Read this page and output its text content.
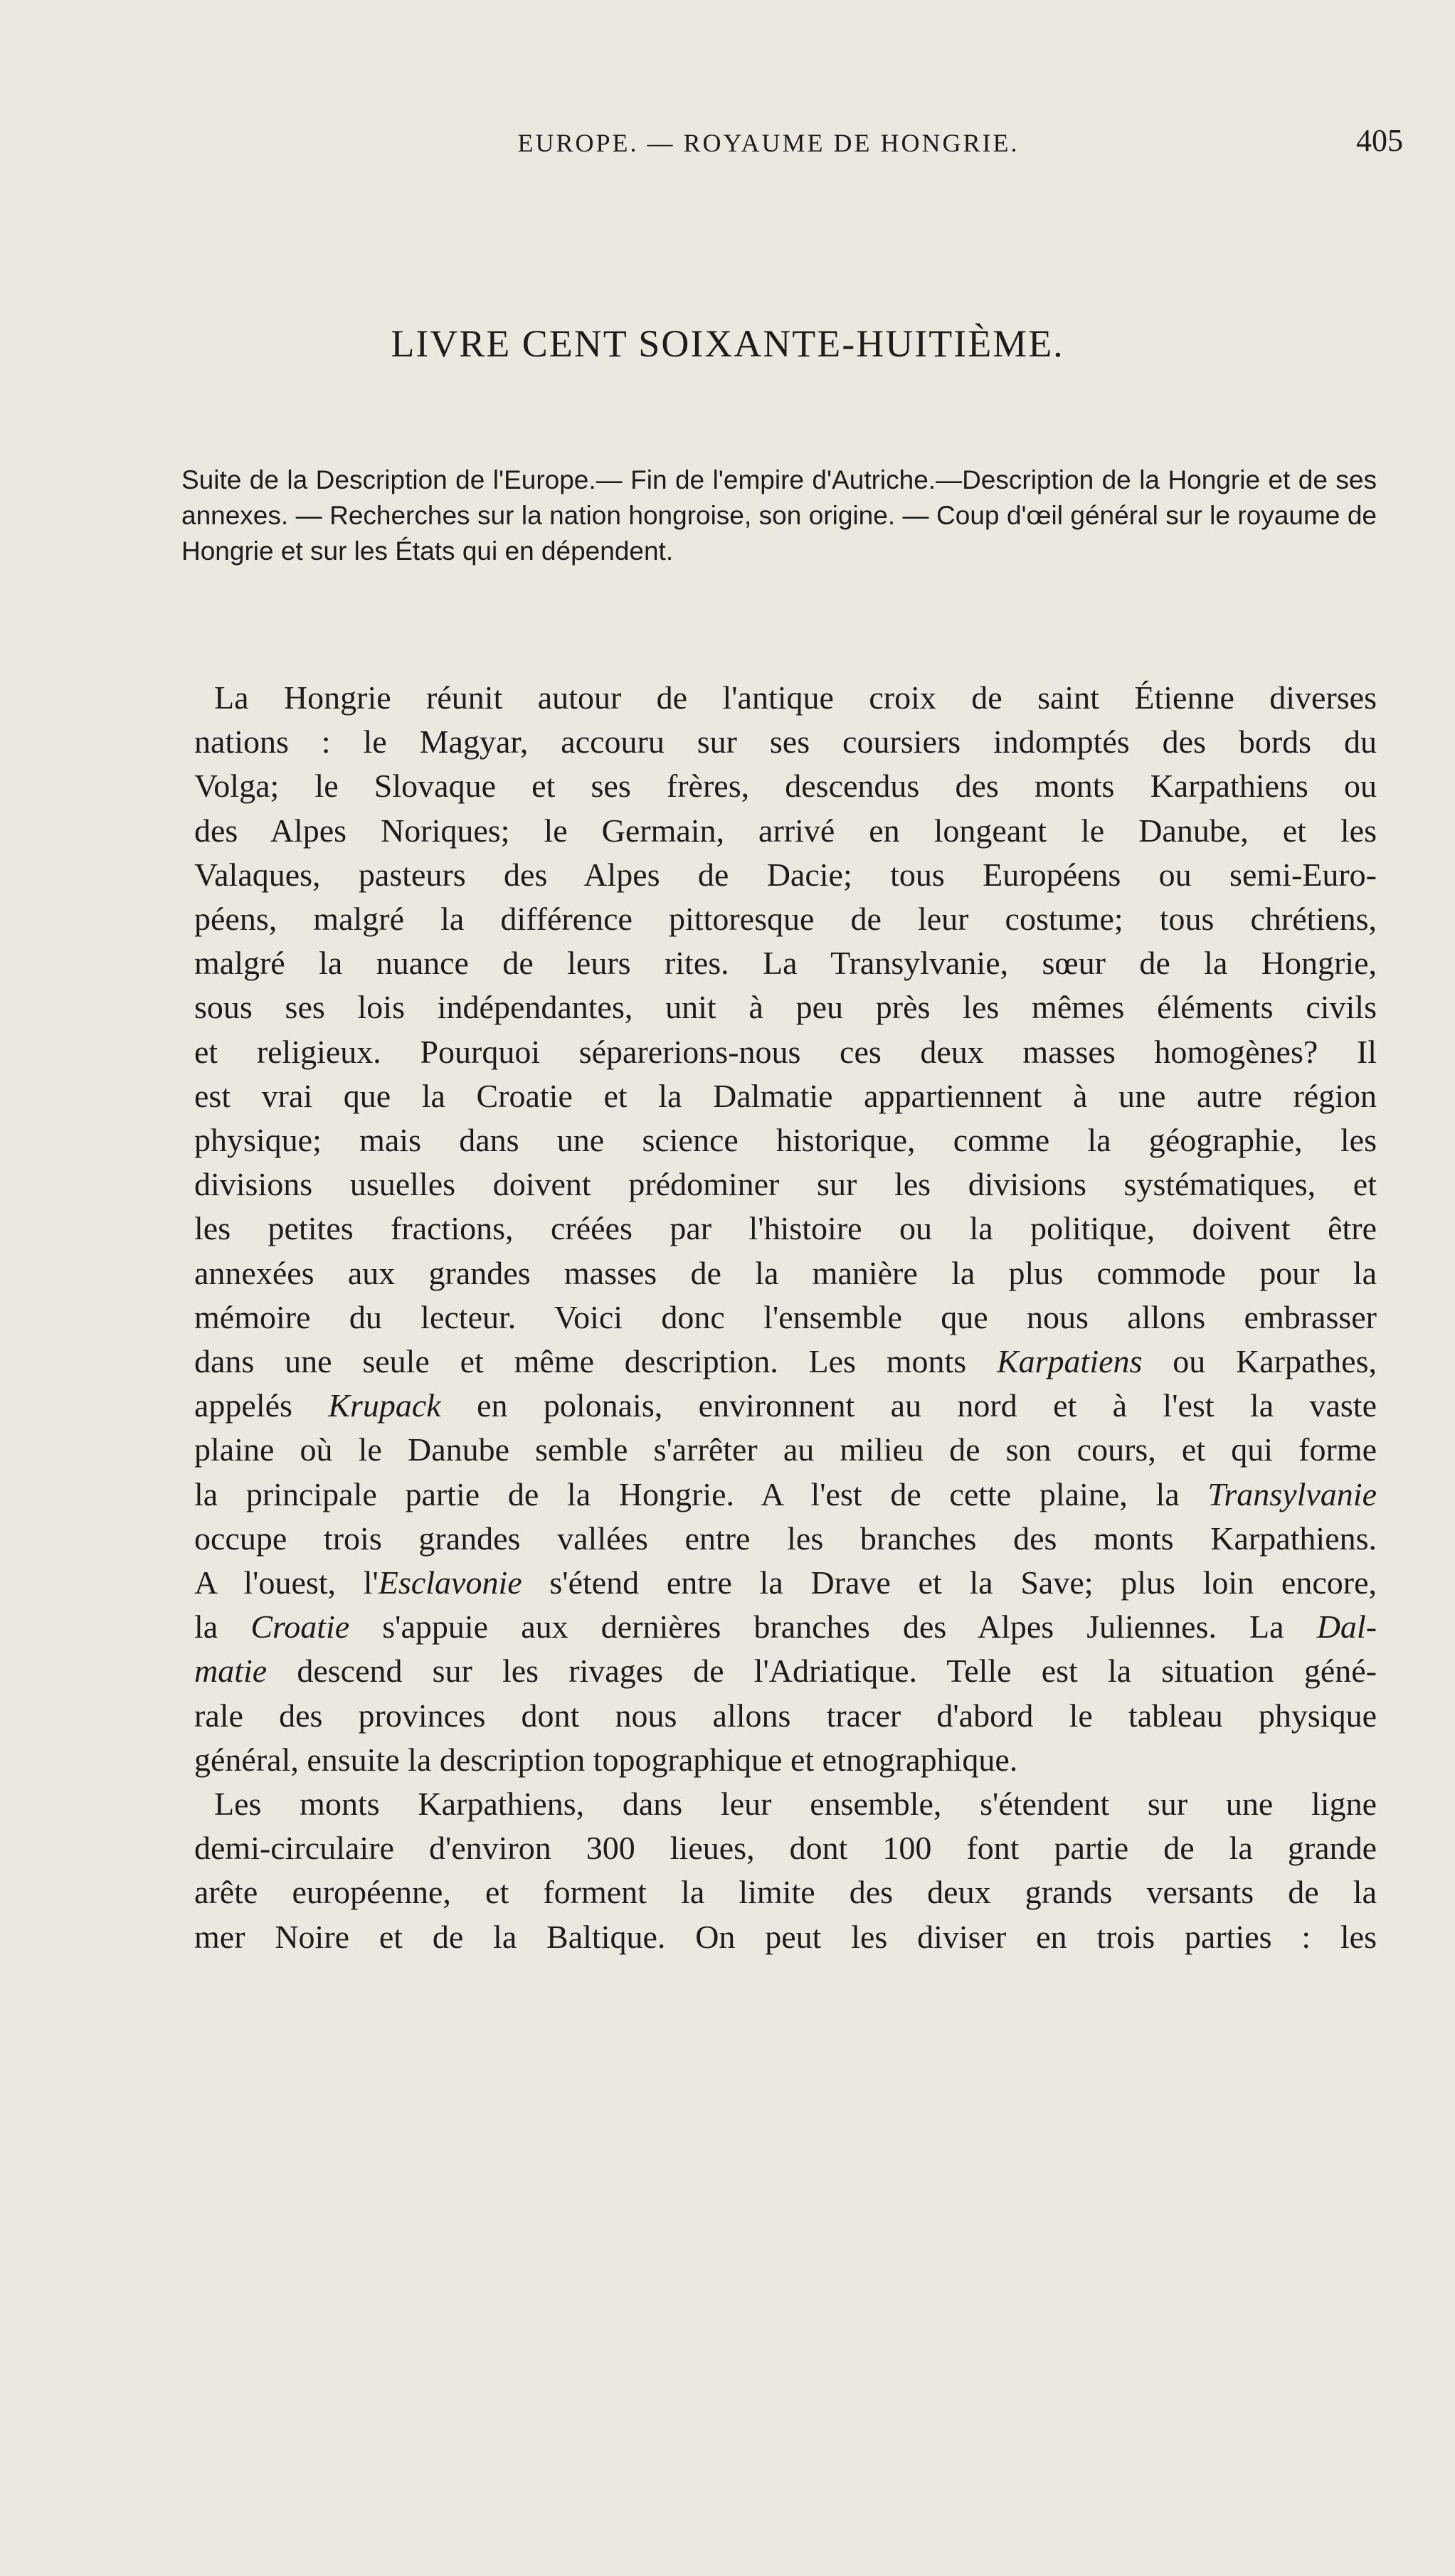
EUROPE. — ROYAUME DE HONGRIE.	405
LIVRE CENT SOIXANTE-HUITIÈME.
Suite de la Description de l'Europe.— Fin de l'empire d'Autriche.—Description de la Hongrie et de ses annexes. — Recherches sur la nation hongroise, son origine. — Coup d'œil général sur le royaume de Hongrie et sur les États qui en dépendent.

La Hongrie réunit autour de l'antique croix de saint Étienne diverses
nations : le Magyar, accouru sur ses coursiers indomptés des bords du
Volga; le Slovaque et ses frères, descendus des monts Karpathiens ou
des Alpes Noriques; le Germain, arrivé en longeant le Danube, et les
Valaques, pasteurs des Alpes de Dacie; tous Européens ou semi-Euro-
péens, malgré la différence pittoresque de leur costume; tous chrétiens,
malgré la nuance de leurs rites. La Transylvanie, sœur de la Hongrie,
sous ses lois indépendantes, unit à peu près les mêmes éléments civils
et religieux. Pourquoi séparerions-nous ces deux masses homogènes? Il
est vrai que la Croatie et la Dalmatie appartiennent à une autre région
physique; mais dans une science historique, comme la géographie, les
divisions usuelles doivent prédominer sur les divisions systématiques, et
les petites fractions, créées par l'histoire ou la politique, doivent être
annexées aux grandes masses de la manière la plus commode pour la
mémoire du lecteur. Voici donc l'ensemble que nous allons embrasser
dans une seule et même description. Les monts Karpatiens ou Karpathes,
appelés Krupack en polonais, environnent au nord et à l'est la vaste
plaine où le Danube semble s'arrêter au milieu de son cours, et qui forme
la principale partie de la Hongrie. A l'est de cette plaine, la Transylvanie
occupe trois grandes vallées entre les branches des monts Karpathiens.
A l'ouest, l'Esclavonie s'étend entre la Drave et la Save; plus loin encore,
la Croatie s'appuie aux dernières branches des Alpes Juliennes. La Dal-
matie descend sur les rivages de l'Adriatique. Telle est la situation géné-
rale des provinces dont nous allons tracer d'abord le tableau physique
général, ensuite la description topographique et etnographique.

Les monts Karpathiens, dans leur ensemble, s'étendent sur une ligne
demi-circulaire d'environ 300 lieues, dont 100 font partie de la grande
arête européenne, et forment la limite des deux grands versants de la
mer Noire et de la Baltique. On peut les diviser en trois parties : les
